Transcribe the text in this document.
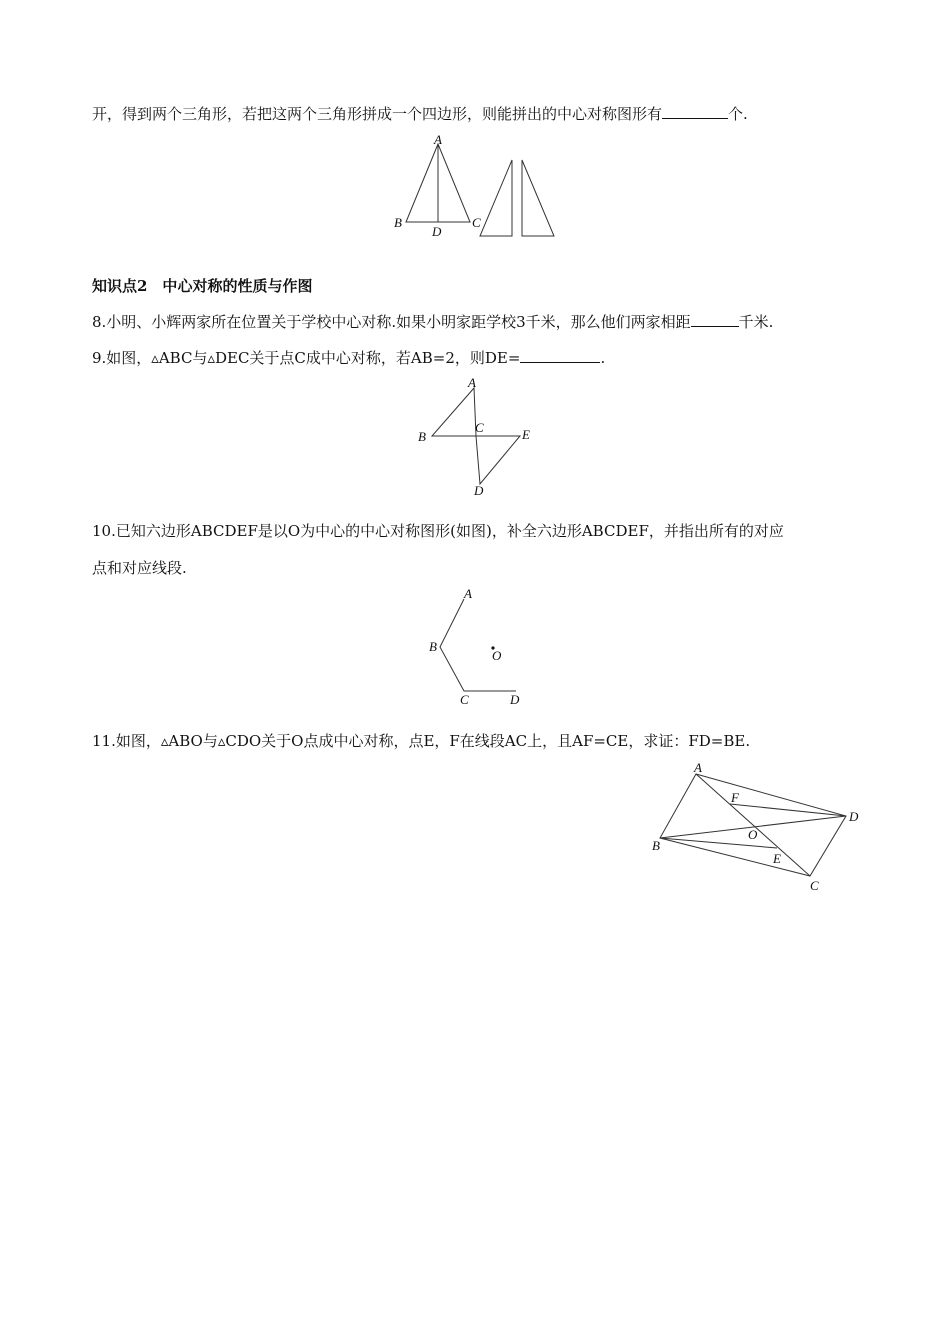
开，得到两个三角形，若把这两个三角形拼成一个四边形，则能拼出的中心对称图形有	个.
A
B
D
C
知识点2　中心对称的性质与作图
8.小明、小辉两家所在位置关于学校中心对称.如果小明家距学校3千米，那么他们两家相距	千米.
9.如图，▵ABC与▵DEC关于点C成中心对称，若AB=2，则DE=	.
A
B
C	E
D
10.已知六边形ABCDEF是以O为中心的中心对称图形(如图)，补全六边形ABCDEF，并指出所有的对应
点和对应线段.
A
B
O
C	D
11.如图，▵ABO与▵CDO关于O点成中心对称，点E，F在线段AC上，且AF=CE，求证：FD=BE.
A
F
D
O
B
E
C
